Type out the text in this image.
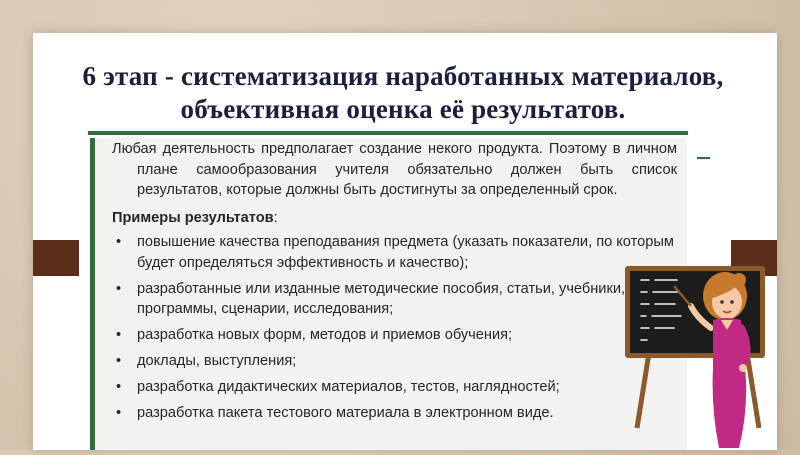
6 этап - систематизация наработанных материалов,
объективная оценка её результатов.

Любая деятельность предполагает создание некого продукта. Поэтому в личном плане самообразования учителя обязательно должен быть список результатов, которые должны быть достигнуты за определенный срок.

Примеры результатов:

• повышение качества преподавания предмета (указать показатели, по которым будет определяться эффективность и качество);
• разработанные или изданные методические пособия, статьи, учебники, программы, сценарии, исследования;
• разработка новых форм, методов и приемов обучения;
• доклады, выступления;
• разработка дидактических материалов, тестов, наглядностей;
• разработка пакета тестового материала в электронном виде.
